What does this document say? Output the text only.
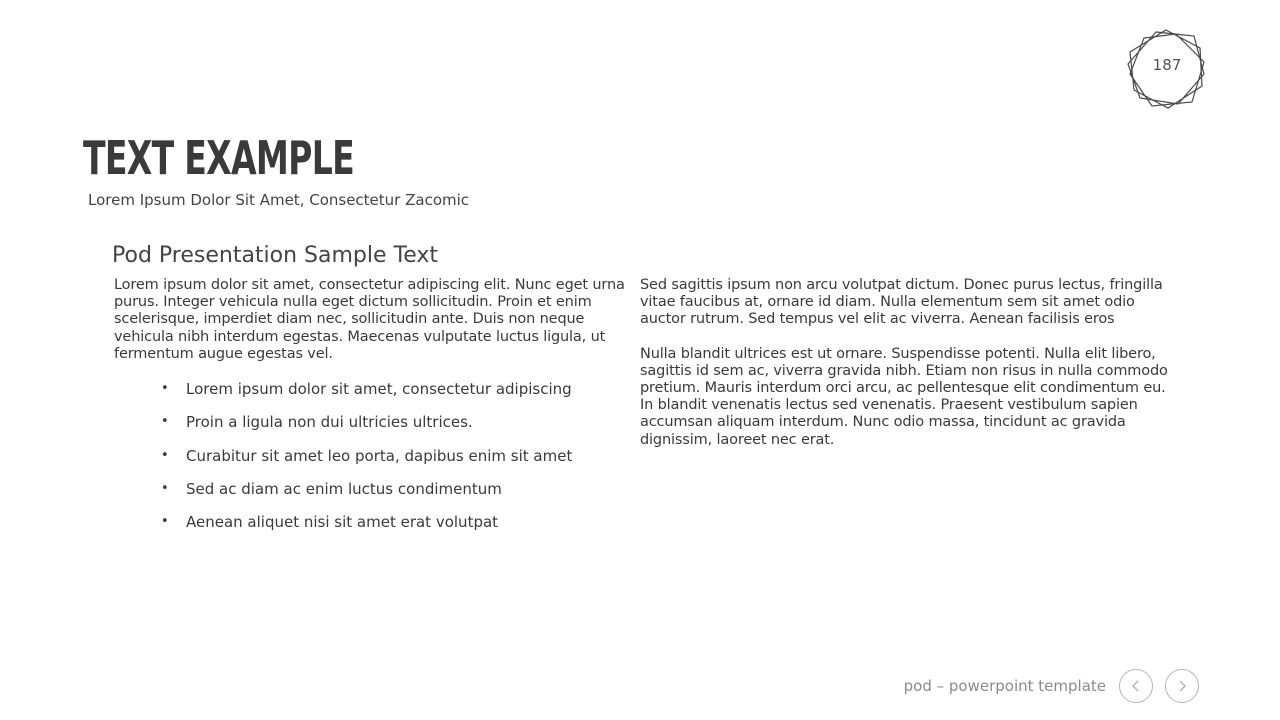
187
TEXT EXAMPLE

Lorem Ipsum Dolor Sit Amet, Consectetur Zacomic

Pod Presentation Sample Text

Lorem ipsum dolor sit amet, consectetur adipiscing elit. Nunc eget urna purus. Integer vehicula nulla eget dictum sollicitudin. Proin et enim scelerisque, imperdiet diam nec, sollicitudin ante. Duis non neque vehicula nibh interdum egestas. Maecenas vulputate luctus ligula, ut fermentum augue egestas vel.

• Lorem ipsum dolor sit amet, consectetur adipiscing
• Proin a ligula non dui ultricies ultrices.
• Curabitur sit amet leo porta, dapibus enim sit amet
• Sed ac diam ac enim luctus condimentum
• Aenean aliquet nisi sit amet erat volutpat

Sed sagittis ipsum non arcu volutpat dictum. Donec purus lectus, fringilla vitae faucibus at, ornare id diam. Nulla elementum sem sit amet odio auctor rutrum. Sed tempus vel elit ac viverra. Aenean facilisis eros

Nulla blandit ultrices est ut ornare. Suspendisse potenti. Nulla elit libero, sagittis id sem ac, viverra gravida nibh. Etiam non risus in nulla commodo pretium. Mauris interdum orci arcu, ac pellentesque elit condimentum eu. In blandit venenatis lectus sed venenatis. Praesent vestibulum sapien accumsan aliquam interdum. Nunc odio massa, tincidunt ac gravida dignissim, laoreet nec erat.

pod – powerpoint template
